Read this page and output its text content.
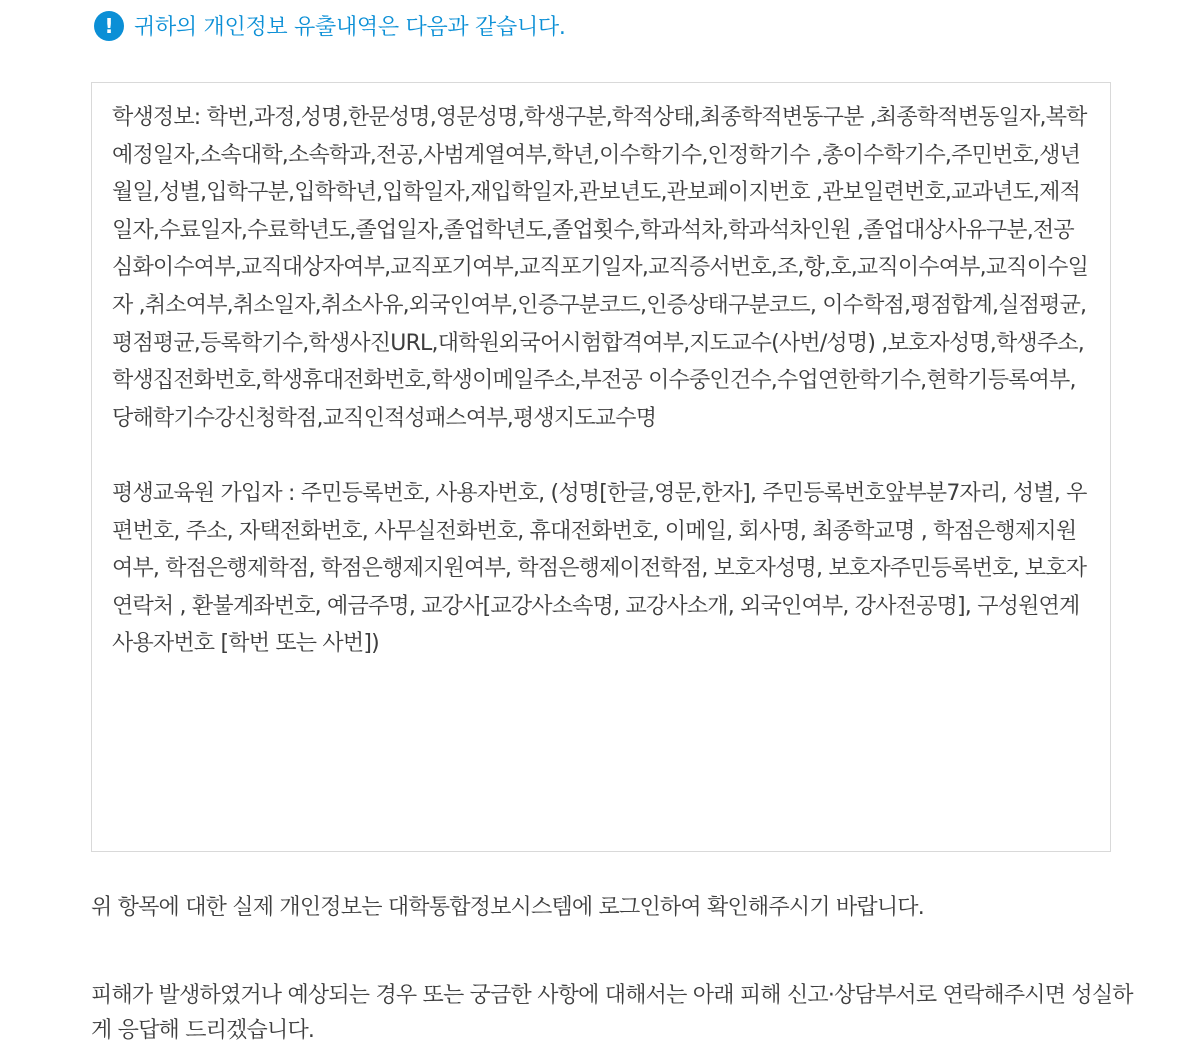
! 귀하의 개인정보 유출내역은 다음과 같습니다.

학생정보: 학번,과정,성명,한문성명,영문성명,학생구분,학적상태,최종학적변동구분 ,최종학적변동일자,복학예정일자,소속대학,소속학과,전공,사범계열여부,학년,이수학기수,인정학기수 ,총이수학기수,주민번호,생년월일,성별,입학구분,입학학년,입학일자,재입학일자,관보년도,관보페이지번호 ,관보일련번호,교과년도,제적일자,수료일자,수료학년도,졸업일자,졸업학년도,졸업횟수,학과석차,학과석차인원 ,졸업대상사유구분,전공심화이수여부,교직대상자여부,교직포기여부,교직포기일자,교직증서번호,조,항,호,교직이수여부,교직이수일자 ,취소여부,취소일자,취소사유,외국인여부,인증구분코드,인증상태구분코드, 이수학점,평점합계,실점평균,평점평균,등록학기수,학생사진URL,대학원외국어시험합격여부,지도교수(사번/성명) ,보호자성명,학생주소,학생집전화번호,학생휴대전화번호,학생이메일주소,부전공 이수중인건수,수업연한학기수,현학기등록여부,당해학기수강신청학점,교직인적성패스여부,평생지도교수명

평생교육원 가입자 : 주민등록번호, 사용자번호, (성명[한글,영문,한자], 주민등록번호앞부분7자리, 성별, 우편번호, 주소, 자택전화번호, 사무실전화번호, 휴대전화번호, 이메일, 회사명, 최종학교명 , 학점은행제지원여부, 학점은행제학점, 학점은행제지원여부, 학점은행제이전학점, 보호자성명, 보호자주민등록번호, 보호자연락처 , 환불계좌번호, 예금주명, 교강사[교강사소속명, 교강사소개, 외국인여부, 강사전공명], 구성원연계사용자번호 [학번 또는 사번])

위 항목에 대한 실제 개인정보는 대학통합정보시스템에 로그인하여 확인해주시기 바랍니다.

피해가 발생하였거나 예상되는 경우 또는 궁금한 사항에 대해서는 아래 피해 신고·상담부서로 연락해주시면 성실하게 응답해 드리겠습니다.
